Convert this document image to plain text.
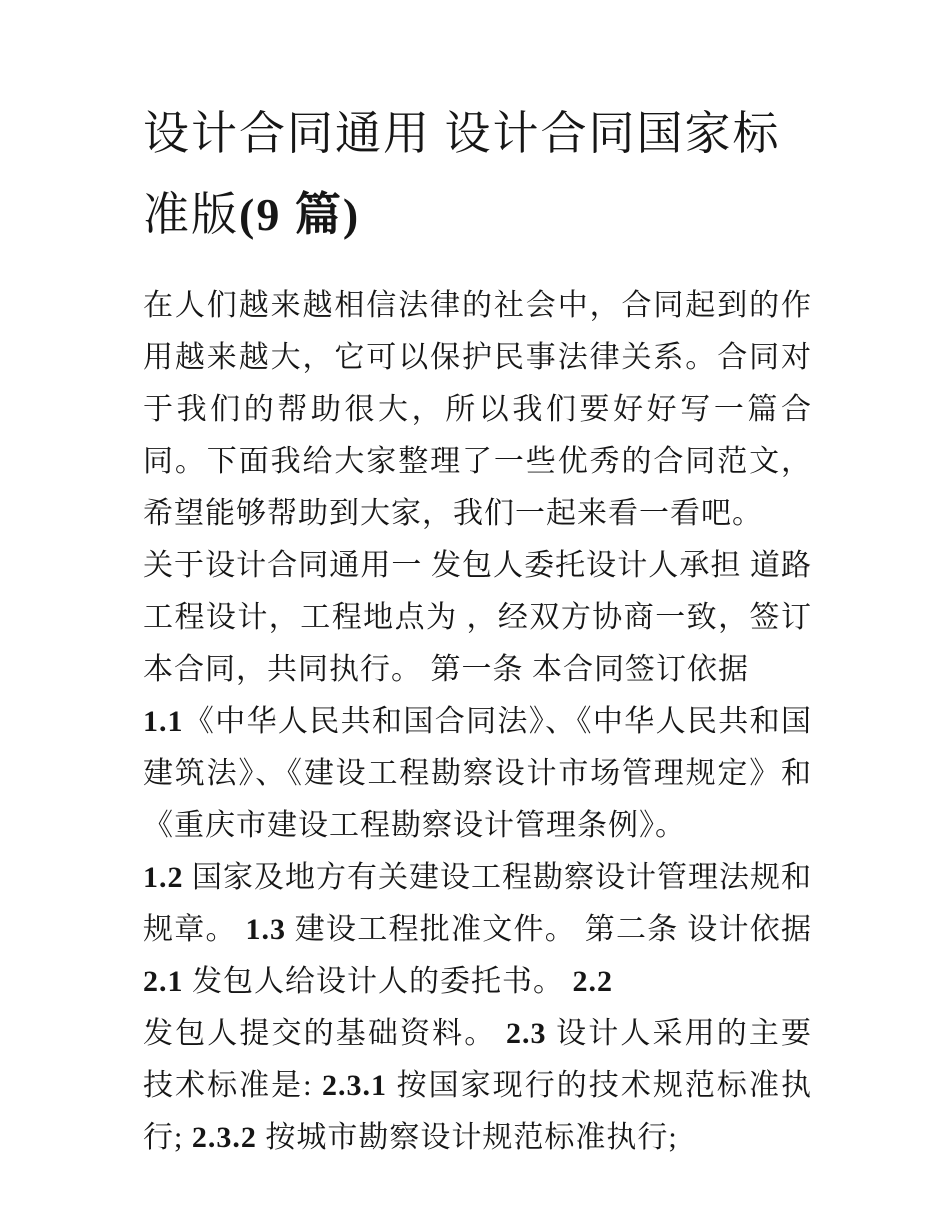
设计合同通用 设计合同国家标准版(9 篇)

在人们越来越相信法律的社会中，合同起到的作用越来越大，它可以保护民事法律关系。合同对于我们的帮助很大，所以我们要好好写一篇合同。下面我给大家整理了一些优秀的合同范文，希望能够帮助到大家，我们一起来看一看吧。

关于设计合同通用一 发包人委托设计人承担 道路工程设计，工程地点为 ，经双方协商一致，签订本合同，共同执行。 第一条 本合同签订依据

1.1《中华人民共和国合同法》、《中华人民共和国建筑法》、《建设工程勘察设计市场管理规定》和《重庆市建设工程勘察设计管理条例》。

1.2 国家及地方有关建设工程勘察设计管理法规和规章。 1.3 建设工程批准文件。 第二条 设计依据 2.1 发包人给设计人的委托书。 2.2

发包人提交的基础资料。 2.3 设计人采用的主要技术标准是: 2.3.1 按国家现行的技术规范标准执行; 2.3.2 按城市勘察设计规范标准执行;
